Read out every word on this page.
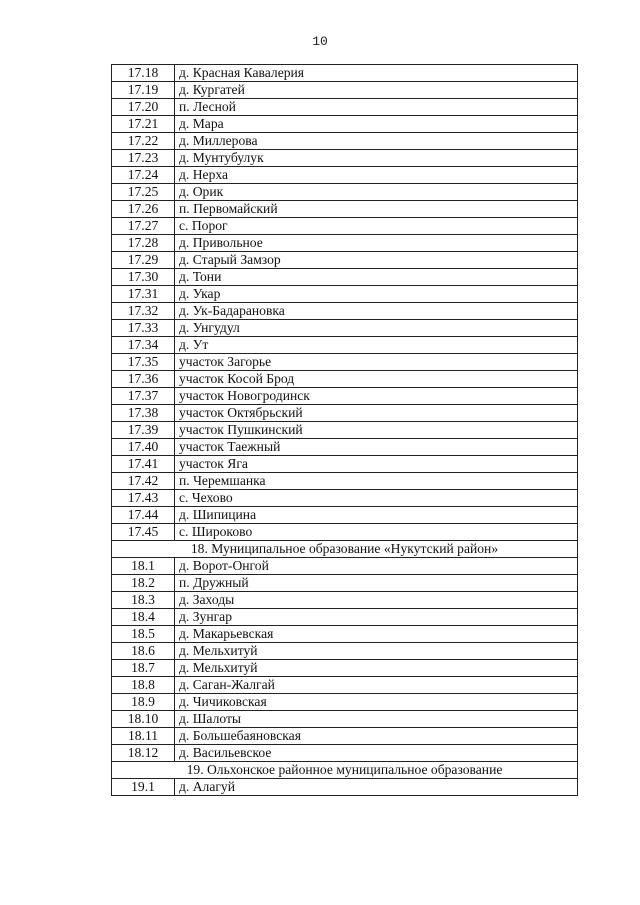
10
17.18	д. Красная Кавалерия
17.19	д. Кургатей
17.20	п. Лесной
17.21	д. Мара
17.22	д. Миллерова
17.23	д. Мунтубулук
17.24	д. Нерха
17.25	д. Орик
17.26	п. Первомайский
17.27	с. Порог
17.28	д. Привольное
17.29	д. Старый Замзор
17.30	д. Тони
17.31	д. Укар
17.32	д. Ук-Бадарановка
17.33	д. Унгудул
17.34	д. Ут
17.35	участок Загорье
17.36	участок Косой Брод
17.37	участок Новогродинск
17.38	участок Октябрьский
17.39	участок Пушкинский
17.40	участок Таежный
17.41	участок Яга
17.42	п. Черемшанка
17.43	с. Чехово
17.44	д. Шипицина
17.45	с. Широково
18. Муниципальное образование «Нукутский район»	
18.1	д. Ворот-Онгой
18.2	п. Дружный
18.3	д. Заходы
18.4	д. Зунгар
18.5	д. Макарьевская
18.6	д. Мельхитуй
18.7	д. Мельхитуй
18.8	д. Саган-Жалгай
18.9	д. Чичиковская
18.10	д. Шалоты
18.11	д. Большебаяновская
18.12	д. Васильевское
19. Ольхонское районное муниципальное образование	
19.1	д. Алагуй
